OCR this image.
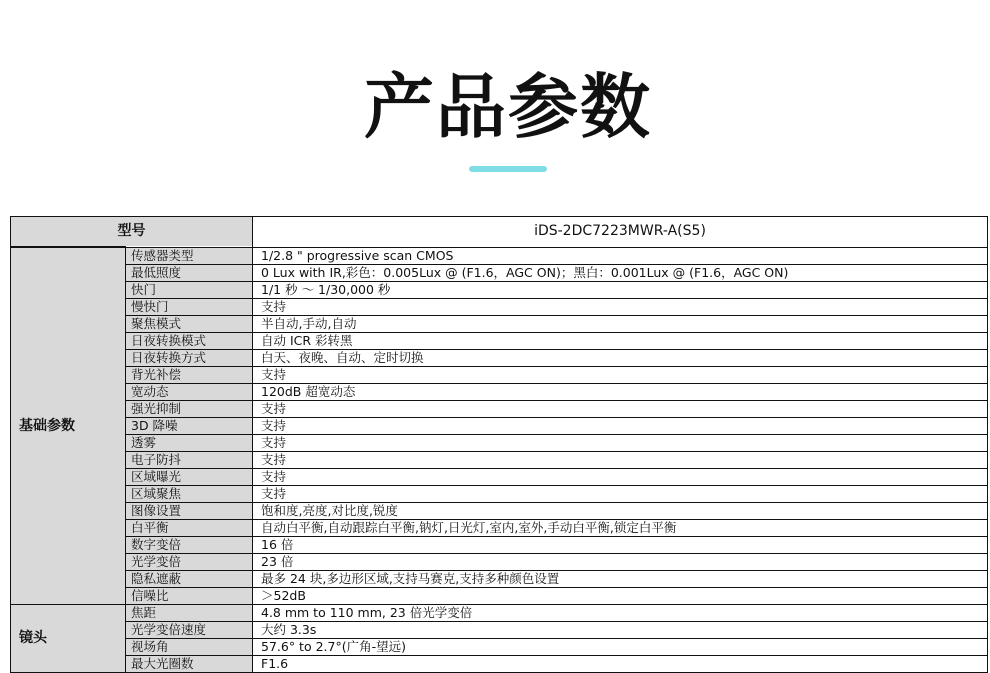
产品参数
型号		iDS-2DC7223MWR-A(S5)
基础参数	传感器类型	1/2.8 " progressive scan CMOS
	最低照度	0 Lux with IR,彩色：0.005Lux @ (F1.6，AGC ON)；黑白：0.001Lux @ (F1.6，AGC ON)
	快门	1/1 秒 ～ 1/30,000 秒
	慢快门	支持
	聚焦模式	半自动,手动,自动
	日夜转换模式	自动 ICR 彩转黑
	日夜转换方式	白天、夜晚、自动、定时切换
	背光补偿	支持
	宽动态	120dB 超宽动态
	强光抑制	支持
	3D 降噪	支持
	透雾	支持
	电子防抖	支持
	区域曝光	支持
	区域聚焦	支持
	图像设置	饱和度,亮度,对比度,锐度
	白平衡	自动白平衡,自动跟踪白平衡,钠灯,日光灯,室内,室外,手动白平衡,锁定白平衡
	数字变倍	16 倍
	光学变倍	23 倍
	隐私遮蔽	最多 24 块,多边形区域,支持马赛克,支持多种颜色设置
	信噪比	＞52dB
镜头	焦距	4.8 mm to 110 mm, 23 倍光学变倍
	光学变倍速度	大约 3.3s
	视场角	57.6° to 2.7°(广角-望远)
	最大光圈数	F1.6
